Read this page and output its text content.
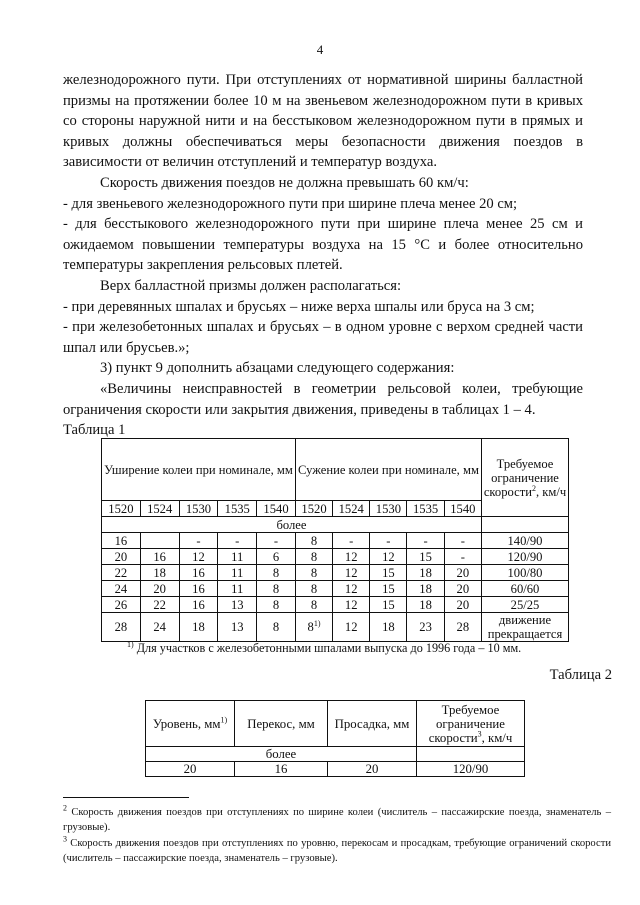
4

железнодорожного пути. При отступлениях от нормативной ширины балластной призмы на протяжении более 10 м на звеньевом железнодорожном пути в кривых со стороны наружной нити и на бесстыковом железнодорожном пути в прямых и кривых должны обеспечиваться меры безопасности движения поездов в зависимости от величин отступлений и температур воздуха.

Скорость движения поездов не должна превышать 60 км/ч:

- для звеньевого железнодорожного пути при ширине плеча менее 20 см;

- для бесстыкового железнодорожного пути при ширине плеча менее 25 см и ожидаемом повышении температуры воздуха на 15 °С и более относительно температуры закрепления рельсовых плетей.

Верх балластной призмы должен располагаться:

- при деревянных шпалах и брусьях – ниже верха шпалы или бруса на 3 см;

- при железобетонных шпалах и брусьях – в одном уровне с верхом средней части шпал или брусьев.»;

3) пункт 9 дополнить абзацами следующего содержания:

«Величины неисправностей в геометрии рельсовой колеи, требующие ограничения скорости или закрытия движения, приведены в таблицах 1 – 4.

Таблица 1

Уширение колеи при номинале, мм					Сужение колеи при номинале, мм					Требуемое ограничение скорости$^2$, км/ч
1520	1524	1530	1535	1540	1520	1524	1530	1535	1540	
более										
16		-	-	-	8	-	-	-	-	140/90
20	16	12	11	6	8	12	12	15	-	120/90
22	18	16	11	8	8	12	15	18	20	100/80
24	20	16	11	8	8	12	15	18	20	60/60
26	22	16	13	8	8	12	15	18	20	25/25
28	24	18	13	8	8$^{1)}$	12	18	23	28	движение
прекращается
$^{1)}$ Для участков с железобетонными шпалами выпуска до 1996 года – 10 мм.
Таблица 2
Уровень, $мм^{1)}$	Перекос, мм	Просадка, мм	Требуемое
ограничение
скорости$^3$, км/ч
более			
20	16	20	120/90

$^2$ Скорость движения поездов при отступлениях по ширине колеи (числитель – пассажирские поезда, знаменатель – грузовые).

$^3$ Скорость движения поездов при отступлениях по уровню, перекосам и просадкам, требующие ограничений скорости (числитель – пассажирские поезда, знаменатель – грузовые).
